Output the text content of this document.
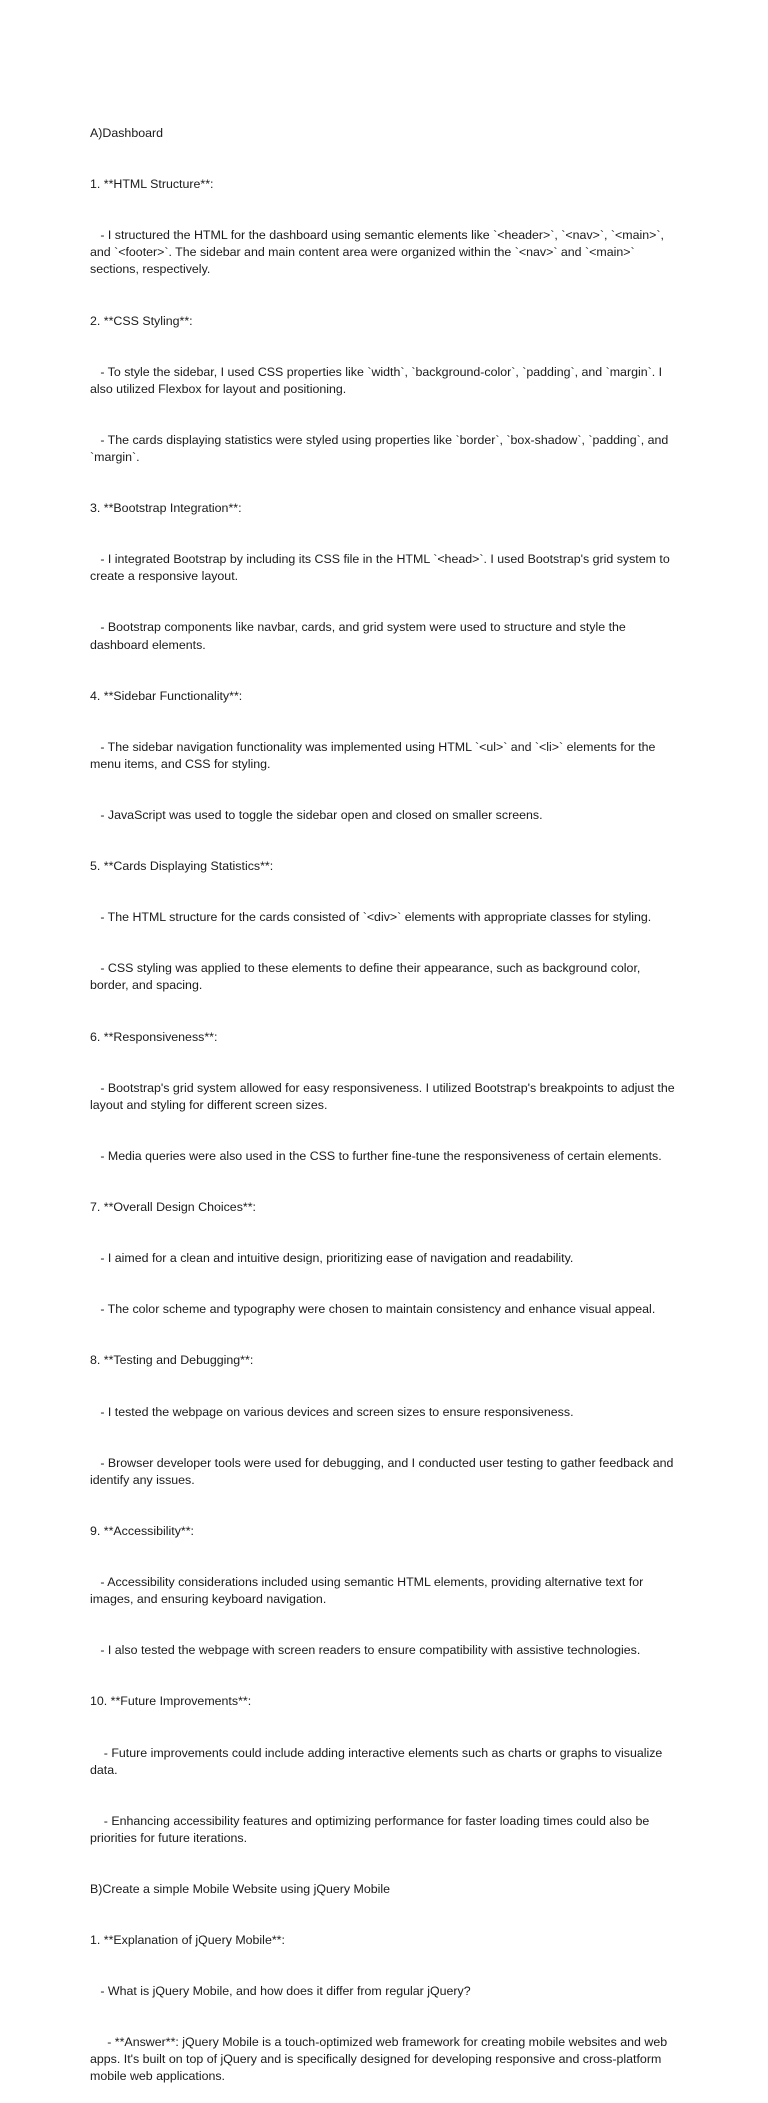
A)Dashboard

1. **HTML Structure**:

- I structured the HTML for the dashboard using semantic elements like `<header>`, `<nav>`, `<main>`, and `<footer>`. The sidebar and main content area were organized within the `<nav>` and `<main>` sections, respectively.

2. **CSS Styling**:

- To style the sidebar, I used CSS properties like `width`, `background-color`, `padding`, and `margin`. I also utilized Flexbox for layout and positioning.

- The cards displaying statistics were styled using properties like `border`, `box-shadow`, `padding`, and `margin`.

3. **Bootstrap Integration**:

- I integrated Bootstrap by including its CSS file in the HTML `<head>`. I used Bootstrap's grid system to create a responsive layout.

- Bootstrap components like navbar, cards, and grid system were used to structure and style the dashboard elements.

4. **Sidebar Functionality**:

- The sidebar navigation functionality was implemented using HTML `<ul>` and `<li>` elements for the menu items, and CSS for styling.

- JavaScript was used to toggle the sidebar open and closed on smaller screens.

5. **Cards Displaying Statistics**:

- The HTML structure for the cards consisted of `<div>` elements with appropriate classes for styling.

- CSS styling was applied to these elements to define their appearance, such as background color, border, and spacing.

6. **Responsiveness**:

- Bootstrap's grid system allowed for easy responsiveness. I utilized Bootstrap's breakpoints to adjust the layout and styling for different screen sizes.

- Media queries were also used in the CSS to further fine-tune the responsiveness of certain elements.

7. **Overall Design Choices**:

- I aimed for a clean and intuitive design, prioritizing ease of navigation and readability.

- The color scheme and typography were chosen to maintain consistency and enhance visual appeal.

8. **Testing and Debugging**:

- I tested the webpage on various devices and screen sizes to ensure responsiveness.

- Browser developer tools were used for debugging, and I conducted user testing to gather feedback and identify any issues.

9. **Accessibility**:

- Accessibility considerations included using semantic HTML elements, providing alternative text for images, and ensuring keyboard navigation.

- I also tested the webpage with screen readers to ensure compatibility with assistive technologies.

10. **Future Improvements**:

- Future improvements could include adding interactive elements such as charts or graphs to visualize data.

- Enhancing accessibility features and optimizing performance for faster loading times could also be priorities for future iterations.

B)Create a simple Mobile Website using jQuery Mobile

1. **Explanation of jQuery Mobile**:

- What is jQuery Mobile, and how does it differ from regular jQuery?

- **Answer**: jQuery Mobile is a touch-optimized web framework for creating mobile websites and web apps. It's built on top of jQuery and is specifically designed for developing responsive and cross-platform mobile web applications.
